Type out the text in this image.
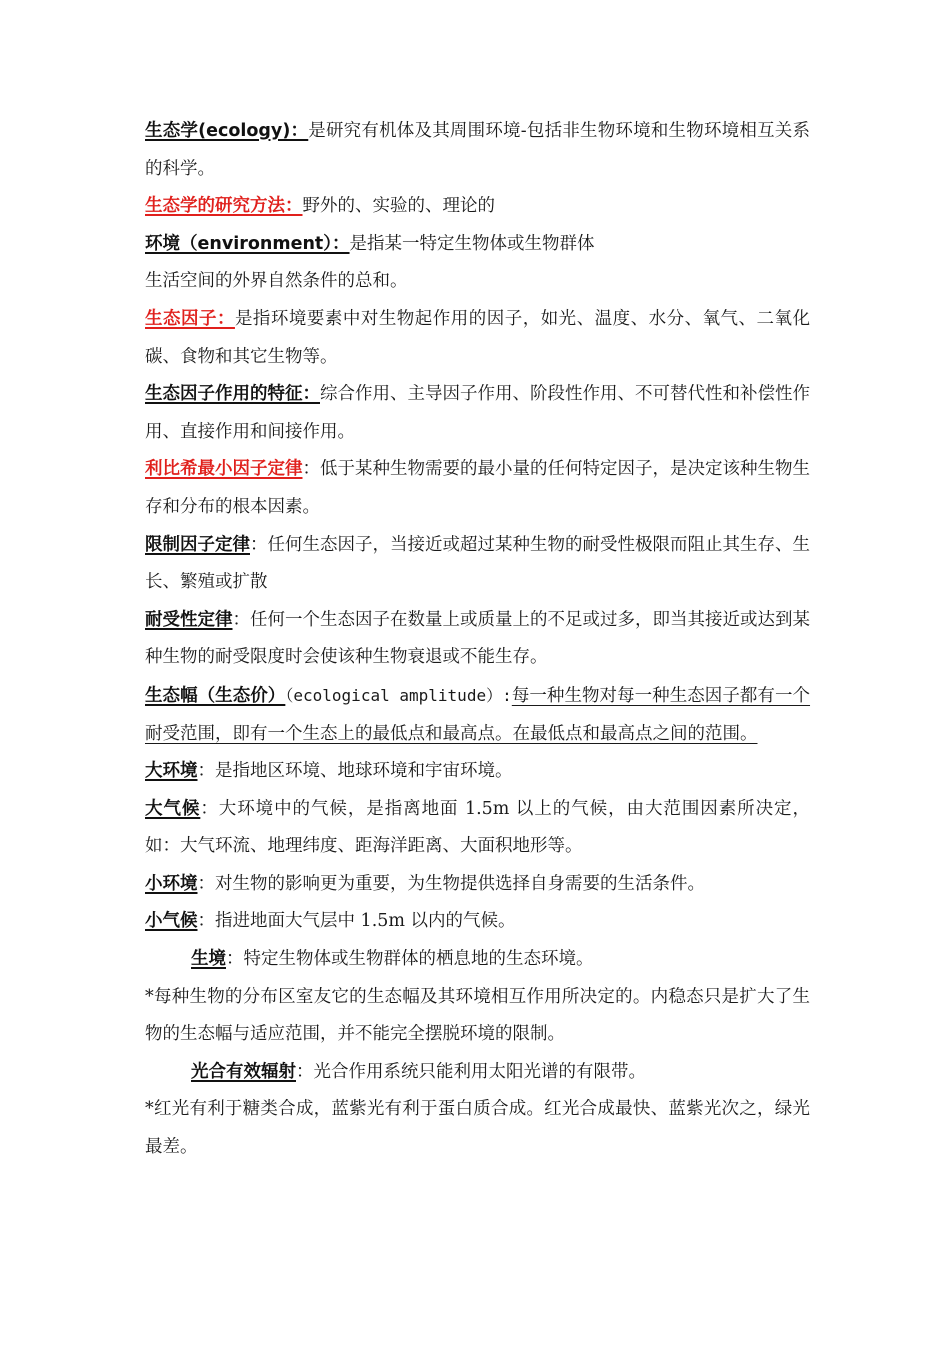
生态学(ecology)：是研究有机体及其周围环境-包括非生物环境和生物环境相互关系的科学。

生态学的研究方法：野外的、实验的、理论的

环境（environment）：是指某一特定生物体或生物群体

生活空间的外界自然条件的总和。

生态因子：是指环境要素中对生物起作用的因子，如光、温度、水分、氧气、二氧化碳、食物和其它生物等。

生态因子作用的特征：综合作用、主导因子作用、阶段性作用、不可替代性和补偿性作用、直接作用和间接作用。

利比希最小因子定律：低于某种生物需要的最小量的任何特定因子，是决定该种生物生存和分布的根本因素。

限制因子定律：任何生态因子，当接近或超过某种生物的耐受性极限而阻止其生存、生长、繁殖或扩散

耐受性定律：任何一个生态因子在数量上或质量上的不足或过多，即当其接近或达到某种生物的耐受限度时会使该种生物衰退或不能生存。

生态幅（生态价）（ecological amplitude）:每一种生物对每一种生态因子都有一个耐受范围，即有一个生态上的最低点和最高点。在最低点和最高点之间的范围。

大环境：是指地区环境、地球环境和宇宙环境。

大气候：大环境中的气候，是指离地面 1.5m 以上的气候，由大范围因素所决定，如：大气环流、地理纬度、距海洋距离、大面积地形等。

小环境：对生物的影响更为重要，为生物提供选择自身需要的生活条件。

小气候：指进地面大气层中 1.5m 以内的气候。

生境：特定生物体或生物群体的栖息地的生态环境。

*每种生物的分布区室友它的生态幅及其环境相互作用所决定的。内稳态只是扩大了生物的生态幅与适应范围，并不能完全摆脱环境的限制。

光合有效辐射：光合作用系统只能利用太阳光谱的有限带。

*红光有利于糖类合成，蓝紫光有利于蛋白质合成。红光合成最快、蓝紫光次之，绿光最差。
